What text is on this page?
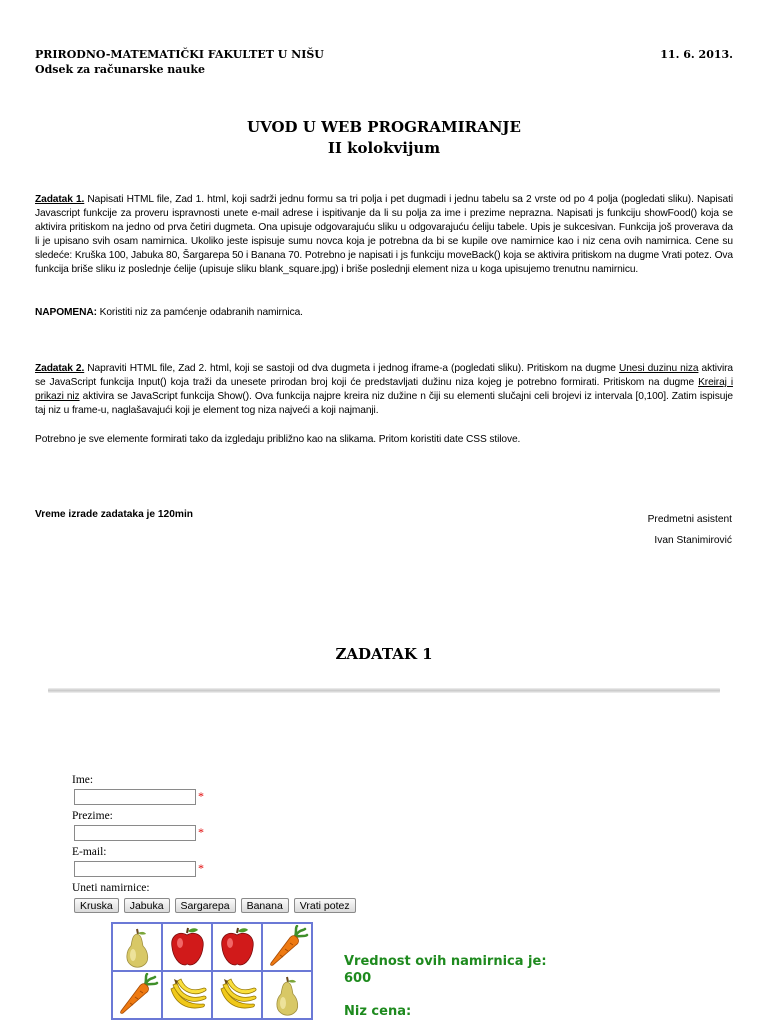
PRIRODNO-MATEMATIČKI FAKULTET U NIŠU
Odsek za računarske nauke
11. 6. 2013.
UVOD U WEB PROGRAMIRANJE
II kolokvijum
Zadatak 1. Napisati HTML file, Zad 1. html, koji sadrži jednu formu sa tri polja i pet dugmadi i jednu tabelu sa 2 vrste od po 4 polja (pogledati sliku). Napisati Javascript funkcije za proveru ispravnosti unete e-mail adrese i ispitivanje da li su polja za ime i prezime neprazna. Napisati js funkciju showFood() koja se aktivira pritiskom na jedno od prva četiri dugmeta. Ona upisuje odgovarajuću sliku u odgovarajuću ćeliju tabele. Upis je sukcesivan. Funkcija još proverava da li je upisano svih osam namirnica. Ukoliko jeste ispisuje sumu novca koja je potrebna da bi se kupile ove namirnice kao i niz cena ovih namirnica. Cene su sledeće: Kruška 100, Jabuka 80, Šargarepa 50 i Banana 70. Potrebno je napisati i js funkciju moveBack() koja se aktivira pritiskom na dugme Vrati potez. Ova funkcija briše sliku iz poslednje ćelije (upisuje sliku blank_square.jpg) i briše poslednji element niza u koga upisujemo trenutnu namirnicu.
NAPOMENA: Koristiti niz za pamćenje odabranih namirnica.
Zadatak 2. Napraviti HTML file, Zad 2. html, koji se sastoji od dva dugmeta i jednog iframe-a (pogledati sliku). Pritiskom na dugme Unesi duzinu niza aktivira se JavaScript funkcija Input() koja traži da unesete prirodan broj koji će predstavljati dužinu niza kojeg je potrebno formirati. Pritiskom na dugme Kreiraj i prikazi niz aktivira se JavaScript funkcija Show(). Ova funkcija najpre kreira niz dužine n čiji su elementi slučajni celi brojevi iz intervala [0,100]. Zatim ispisuje taj niz u frame-u, naglašavajući koji je element tog niza najveći a koji najmanji.
Potrebno je sve elemente formirati tako da izgledaju približno kao na slikama. Pritom koristiti date CSS stilove.
Vreme izrade zadataka je 120min	Predmetni asistent
Ivan Stanimirović
ZADATAK 1
Ime:
*
Prezime:
*
E-mail:
*
Uneti namirnice:
Kruska	Jabuka	Sargarepa	Banana	Vrati potez

Vrednost ovih namirnica je:
600
Niz cena:
